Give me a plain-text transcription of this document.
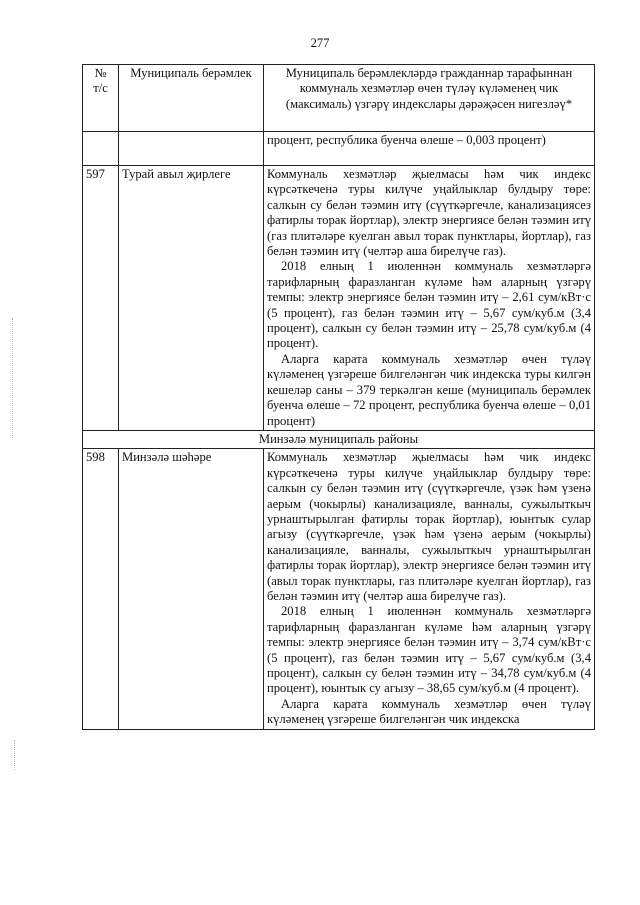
277
№
т/с	Муниципаль берәмлек	Муниципаль берәмлекләрдә гражданнар тарафыннан коммуналь хезмәтләр өчен түләү күләменең чик (максималь) үзгәрү индекслары дәрәҗәсен нигезләү*

		процент, республика буенча өлеше – 0,003 процент)

597	Турай авыл җирлеге	Коммуналь хезмәтләр җыелмасы һәм чик индекс күрсәткеченә туры килүче уңайлыклар булдыру төре: салкын су белән тәэмин итү (сүүткәргечле, канализациясез фатирлы торак йортлар), электр энергиясе белән тәэмин итү (газ плитәләре куелган авыл торак пунктлары, йортлар), газ белән тәэмин итү (челтәр аша бирелүче газ).

2018 елның 1 июленнән коммуналь хезмәтләргә тарифларның фаразланган күләме һәм аларның үзгәрү темпы: электр энергиясе белән тәэмин итү – 2,61 сум/кВт·с (5 процент), газ белән тәэмин итү – 5,67 сум/куб.м (3,4 процент), салкын су белән тәэмин итү – 25,78 сум/куб.м (4 процент).

Аларга карата коммуналь хезмәтләр өчен түләү күләменең үзгәреше билгеләнгән чик индекска туры килгән кешеләр саны – 379 теркәлгән кеше (муниципаль берәмлек буенча өлеше – 72 процент, республика буенча өлеше – 0,01 процент)

Минзәлә муниципаль районы		
598	Минзәлә шәһәре	Коммуналь хезмәтләр җыелмасы һәм чик индекс күрсәткеченә туры килүче уңайлыклар булдыру төре: салкын су белән тәэмин итү (сүүткәргечле, үзәк һәм үзенә аерым (чокырлы) канализацияле, ванналы, сужылыткыч урнаштырылган фатирлы торак йортлар), юынтык сулар агызу (сүүткәргечле, үзәк һәм үзенә аерым (чокырлы) канализацияле, ванналы, сужылыткыч урнаштырылган фатирлы торак йортлар), электр энергиясе белән тәэмин итү (авыл торак пунктлары, газ плитәләре куелган йортлар), газ белән тәэмин итү (челтәр аша бирелүче газ).

2018 елның 1 июленнән коммуналь хезмәтләргә тарифларның фаразланган күләме һәм аларның үзгәрү темпы: электр энергиясе белән тәэмин итү – 3,74 сум/кВт·с (5 процент), газ белән тәэмин итү – 5,67 сум/куб.м (3,4 процент), салкын су белән тәэмин итү – 34,78 сум/куб.м (4 процент), юынтык су агызу – 38,65 сум/куб.м (4 процент).

Аларга карата коммуналь хезмәтләр өчен түләү күләменең үзгәреше билгеләнгән чик индекска
